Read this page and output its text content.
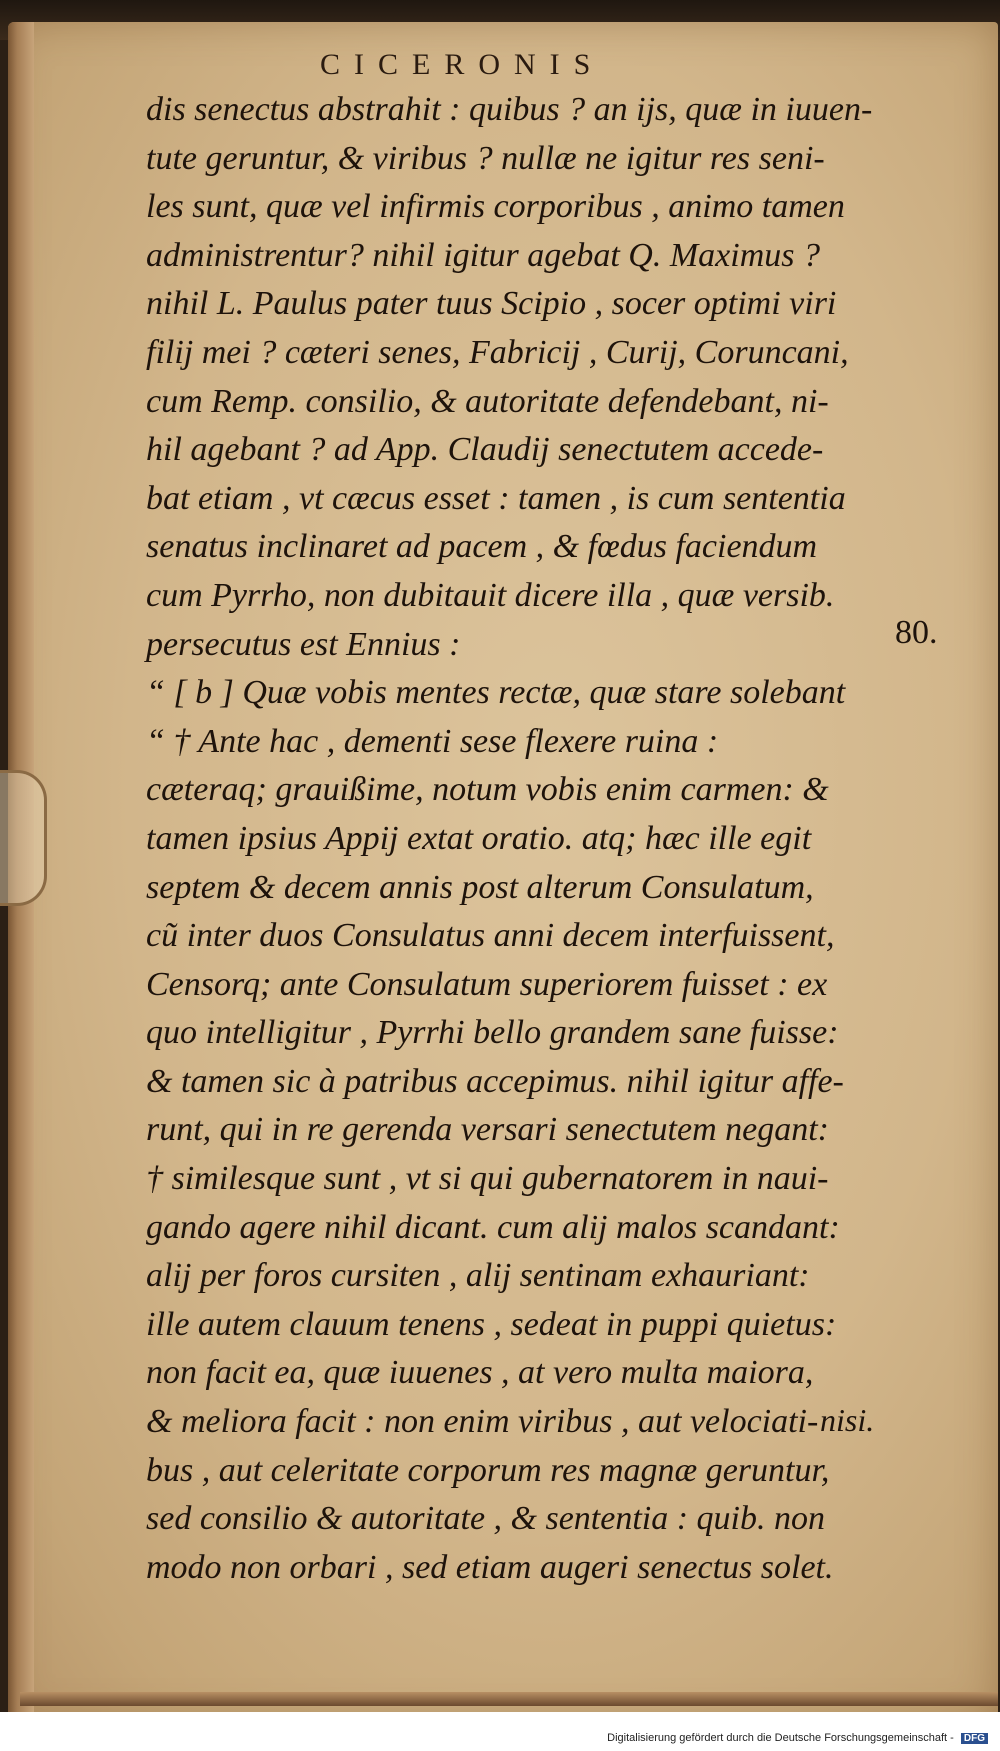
CICERONIS
dis senectus abstrahit : quibus ? an ijs, quæ in iuuen-
tute geruntur, & viribus ? nullæ ne igitur res seni-
les sunt, quæ vel infirmis corporibus , animo tamen
administrentur? nihil igitur agebat Q. Maximus ?
nihil L. Paulus pater tuus Scipio , socer optimi viri
filij mei ? cæteri senes, Fabricij , Curij, Coruncani,
cum Remp. consilio, & autoritate defendebant, ni-
hil agebant ? ad App. Claudij senectutem accede-
bat etiam , vt cæcus esset : tamen , is cum sententia
senatus inclinaret ad pacem , & fœdus faciendum
cum Pyrrho, non dubitauit dicere illa , quæ versib.
persecutus est Ennius :
“ [ b ] Quæ vobis mentes rectæ, quæ stare solebant
“ † Ante hac , dementi sese flexere ruina :
cæteraq; grauißime, notum vobis enim carmen: &
tamen ipsius Appij extat oratio. atq; hæc ille egit
septem & decem annis post alterum Consulatum,
cũ inter duos Consulatus anni decem interfuissent,
Censorq; ante Consulatum superiorem fuisset : ex
quo intelligitur , Pyrrhi bello grandem sane fuisse:
& tamen sic à patribus accepimus. nihil igitur affe-
runt, qui in re gerenda versari senectutem negant:
† similesque sunt , vt si qui gubernatorem in naui-
gando agere nihil dicant. cum alij malos scandant:
alij per foros cursiten , alij sentinam exhauriant:
ille autem clauum tenens , sedeat in puppi quietus:
non facit ea, quæ iuuenes , at vero multa maiora,
& meliora facit : non enim viribus , aut velociati-
bus , aut celeritate corporum res magnæ geruntur,
sed consilio & autoritate , & sententia : quib. non
modo non orbari , sed etiam augeri senectus solet.
80.
nisi.
Digitalisierung gefördert durch die Deutsche Forschungsgemeinschaft - DFG
